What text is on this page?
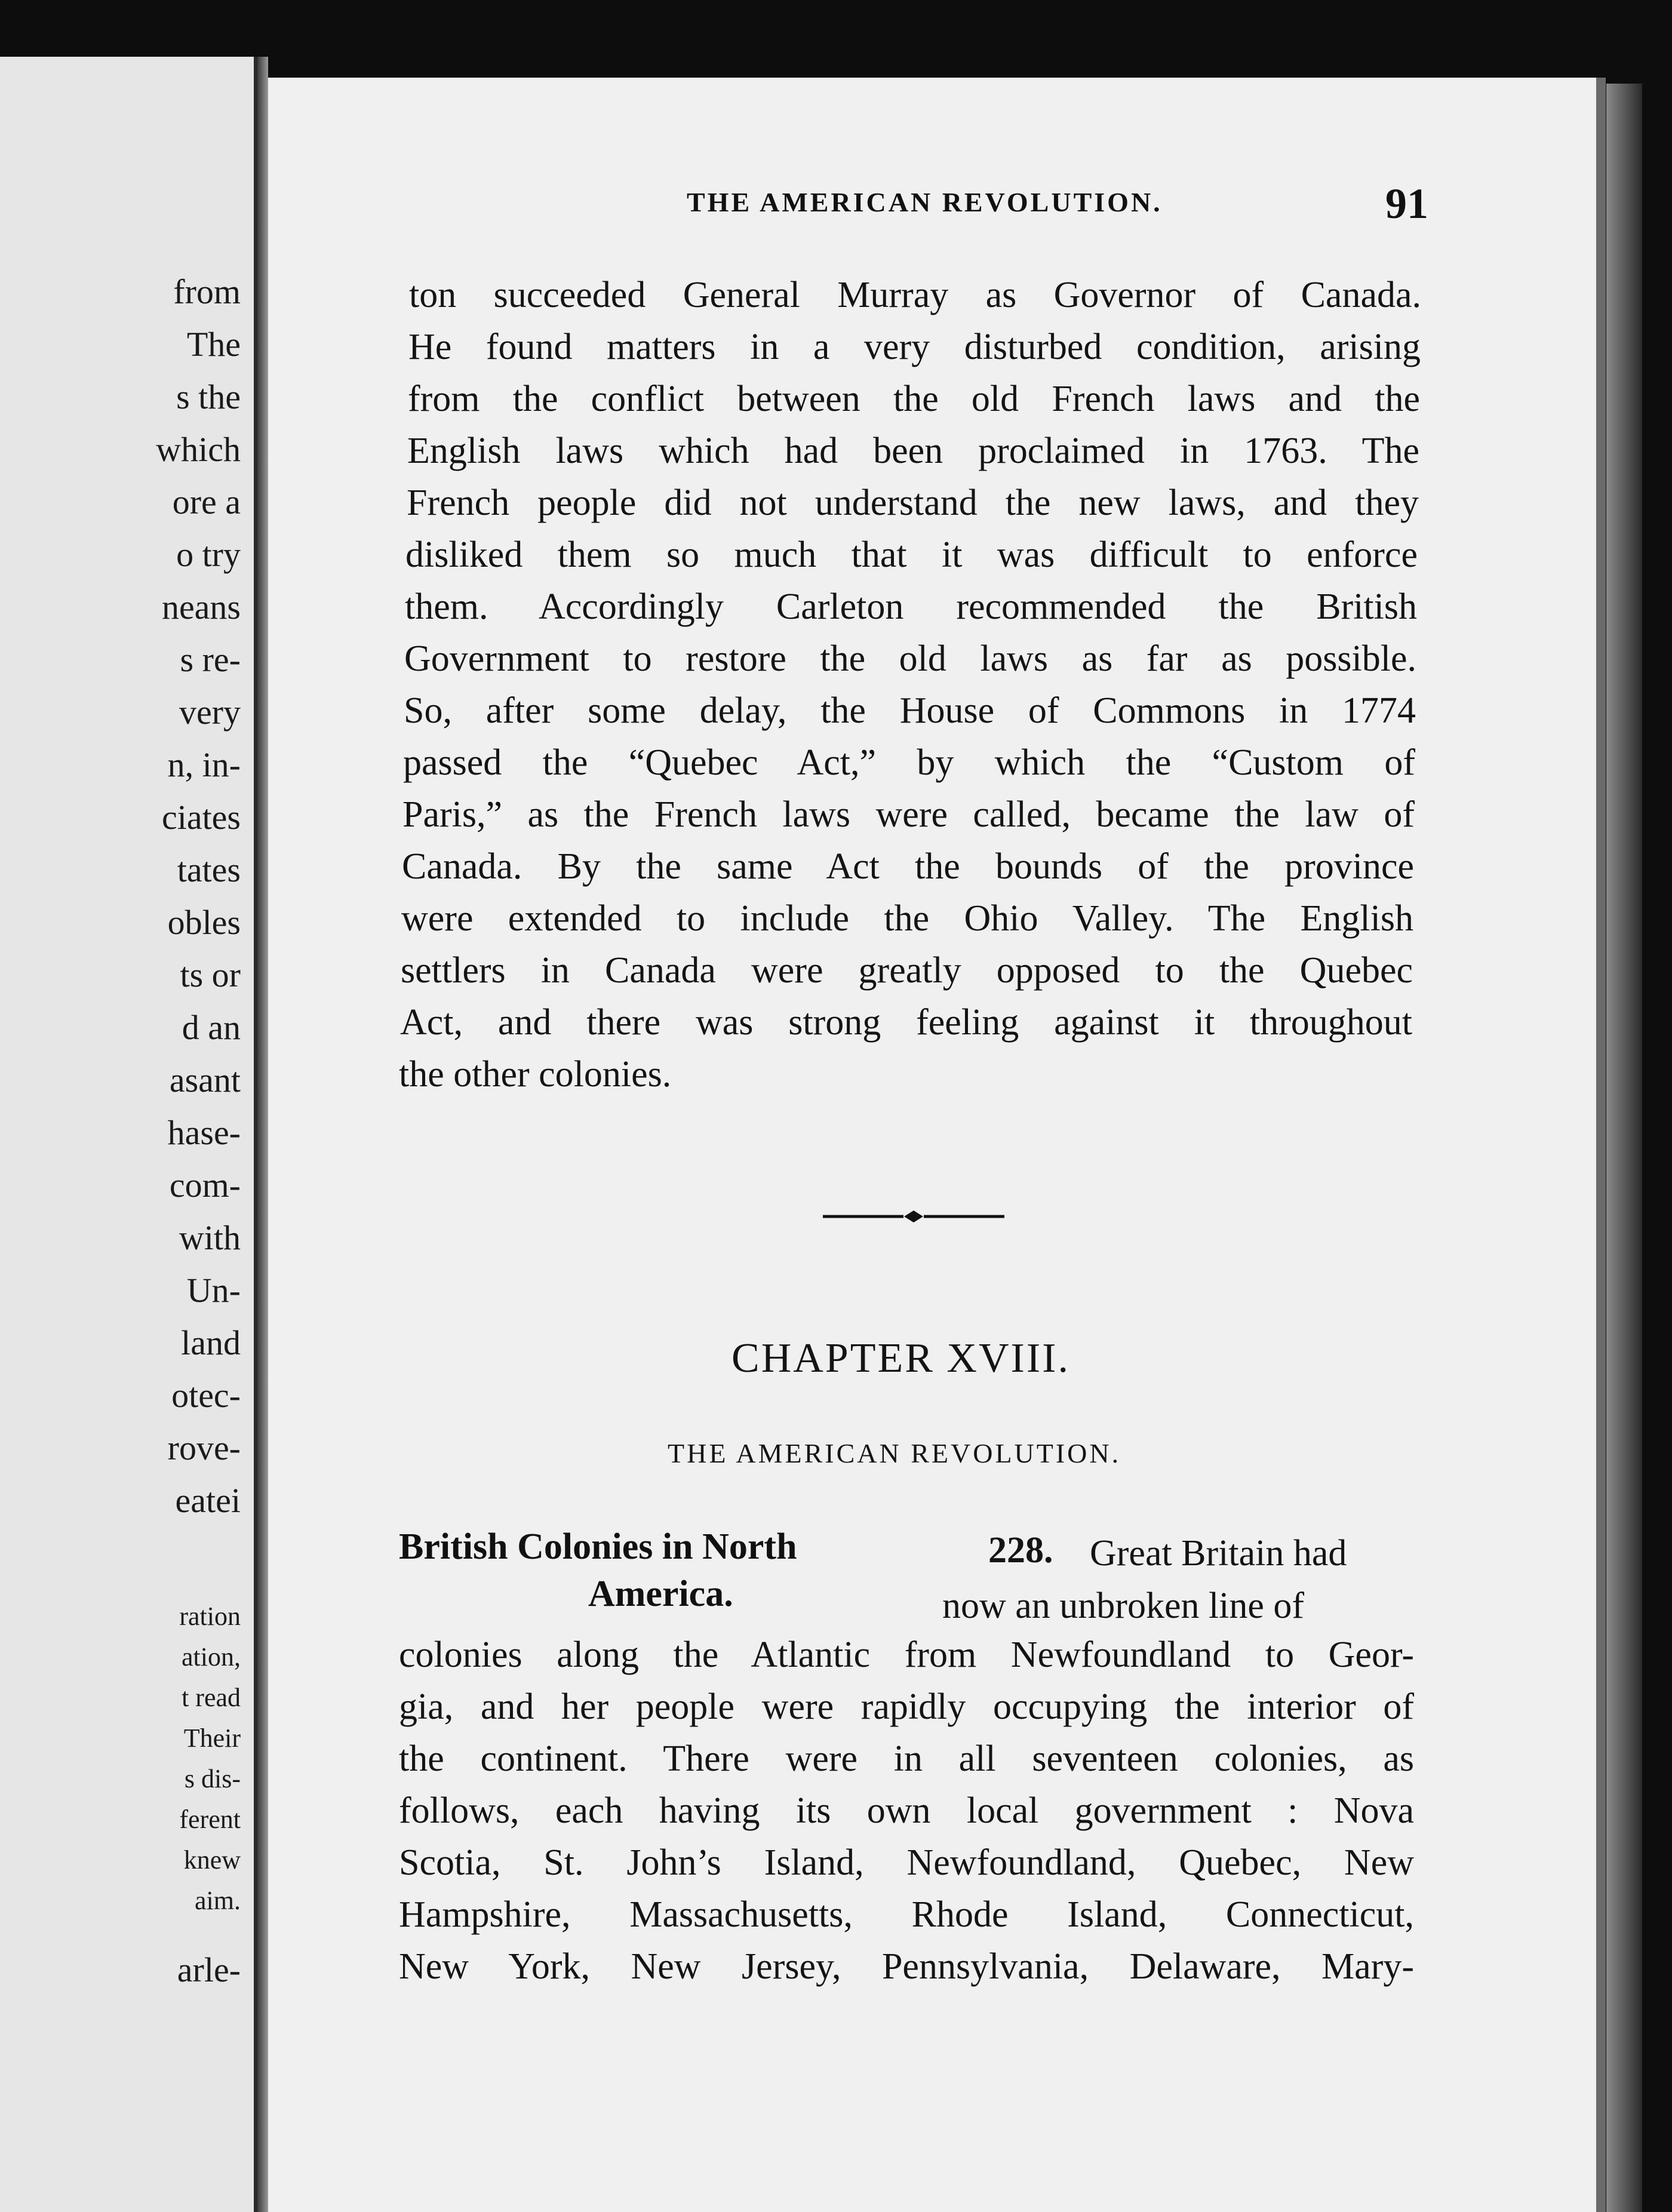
from
The
s the
which
ore a
o try
neans
s re-
very
n, in-
ciates
tates
obles
ts or
d an
asant
hase-
com-
with
Un-
land
otec-
rove-
eatei
ration
ation,
t read
Their
s dis-
ferent
knew
aim.
arle-
THE AMERICAN REVOLUTION.	91
ton succeeded General Murray as Governor of Canada.
He found matters in a very disturbed condition, arising
from the conflict between the old French laws and the
English laws which had been proclaimed in 1763. The
French people did not understand the new laws, and they
disliked them so much that it was difficult to enforce
them. Accordingly Carleton recommended the British
Government to restore the old laws as far as possible.
So, after some delay, the House of Commons in 1774
passed the “Quebec Act,” by which the “Custom of
Paris,” as the French laws were called, became the law of
Canada. By the same Act the bounds of the province
were extended to include the Ohio Valley. The English
settlers in Canada were greatly opposed to the Quebec
Act, and there was strong feeling against it throughout
the other colonies.
CHAPTER XVIII.
THE AMERICAN REVOLUTION.
British Colonies in North
America.
228. Great Britain had
now an unbroken line of
colonies along the Atlantic from Newfoundland to Geor-
gia, and her people were rapidly occupying the interior of
the continent. There were in all seventeen colonies, as
follows, each having its own local government : Nova
Scotia, St. John’s Island, Newfoundland, Quebec, New
Hampshire, Massachusetts, Rhode Island, Connecticut,
New York, New Jersey, Pennsylvania, Delaware, Mary-
